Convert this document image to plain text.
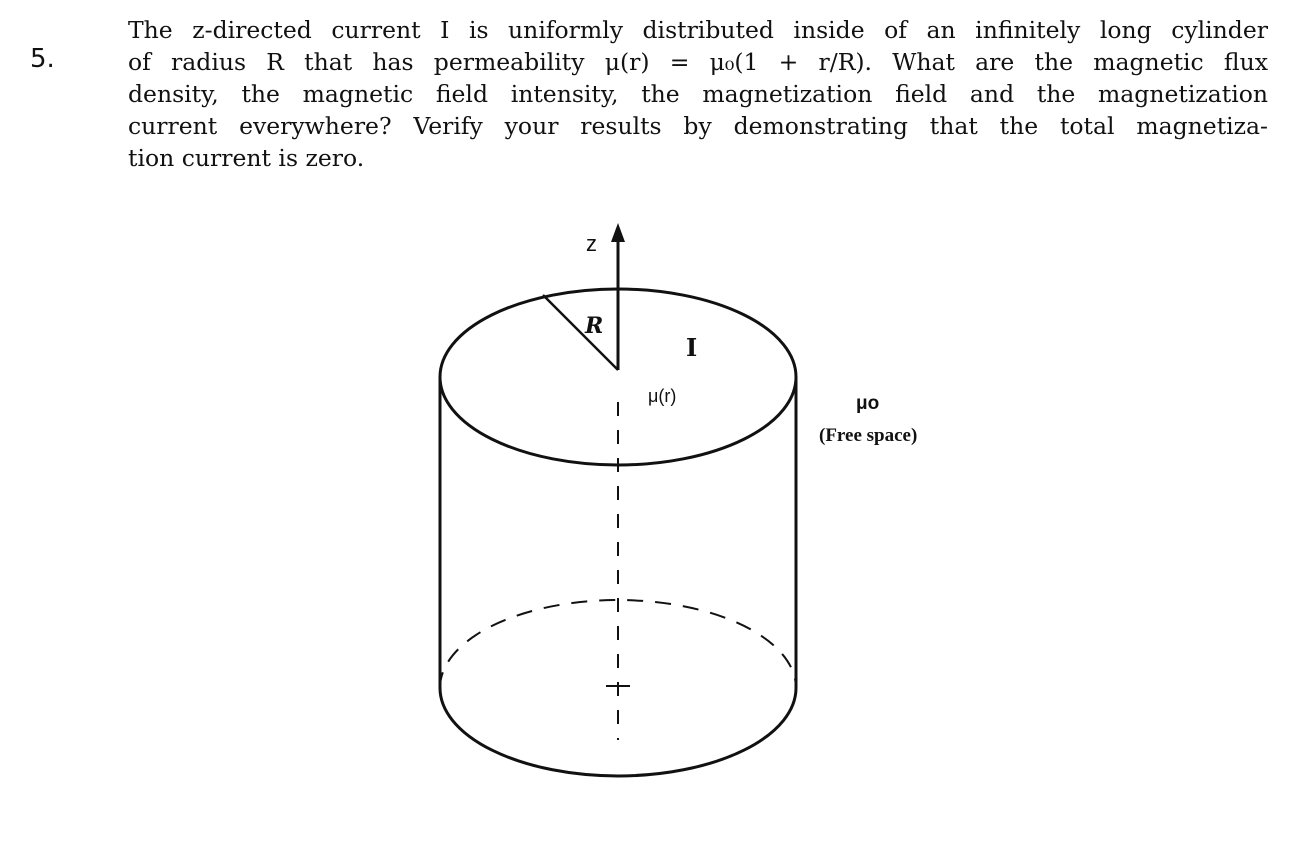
5.

The z-directed current I is uniformly distributed inside of an infinitely long cylinder
of radius R that has permeability μ(r) = μ₀(1 + r/R). What are the magnetic flux
density, the magnetic field intensity, the magnetization field and the magnetization
current everywhere? Verify your results by demonstrating that the total magnetiza-
tion current is zero.

z
R
I
μ(r)	μo
(Free space)
